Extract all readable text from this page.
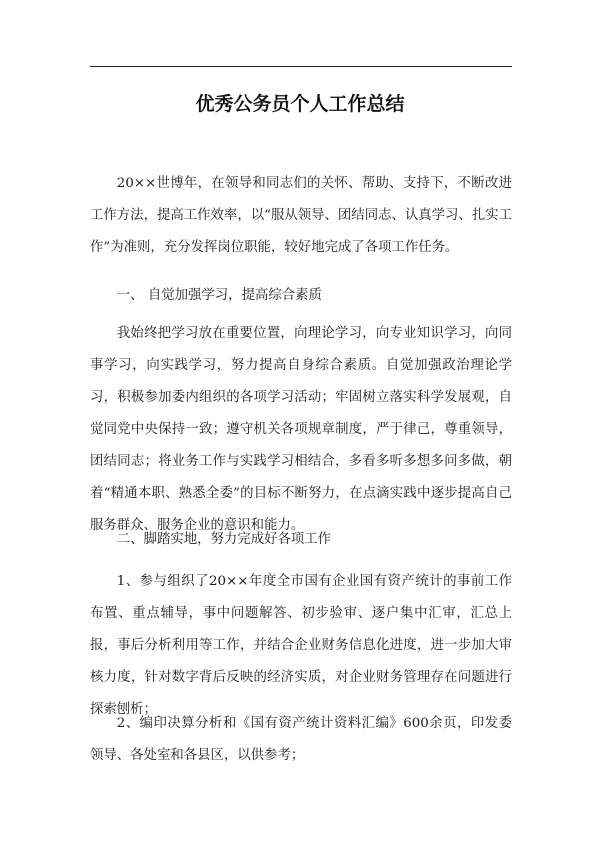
优秀公务员个人工作总结

20××世博年，在领导和同志们的关怀、帮助、支持下，不断改进工作方法，提高工作效率，以“服从领导、团结同志、认真学习、扎实工作”为准则，充分发挥岗位职能，较好地完成了各项工作任务。

一、 自觉加强学习，提高综合素质

我始终把学习放在重要位置，向理论学习，向专业知识学习，向同事学习，向实践学习，努力提高自身综合素质。自觉加强政治理论学习，积极参加委内组织的各项学习活动；牢固树立落实科学发展观，自觉同党中央保持一致；遵守机关各项规章制度，严于律己，尊重领导，团结同志；将业务工作与实践学习相结合，多看多听多想多问多做，朝着“精通本职、熟悉全委”的目标不断努力，在点滴实践中逐步提高自己服务群众、服务企业的意识和能力。

二、脚踏实地，努力完成好各项工作

1、参与组织了20××年度全市国有企业国有资产统计的事前工作布置、重点辅导，事中问题解答、初步验审、逐户集中汇审，汇总上报，事后分析利用等工作，并结合企业财务信息化进度，进一步加大审核力度，针对数字背后反映的经济实质，对企业财务管理存在问题进行探索刨析；

2、编印决算分析和《国有资产统计资料汇编》600余页，印发委领导、各处室和各县区，以供参考；
